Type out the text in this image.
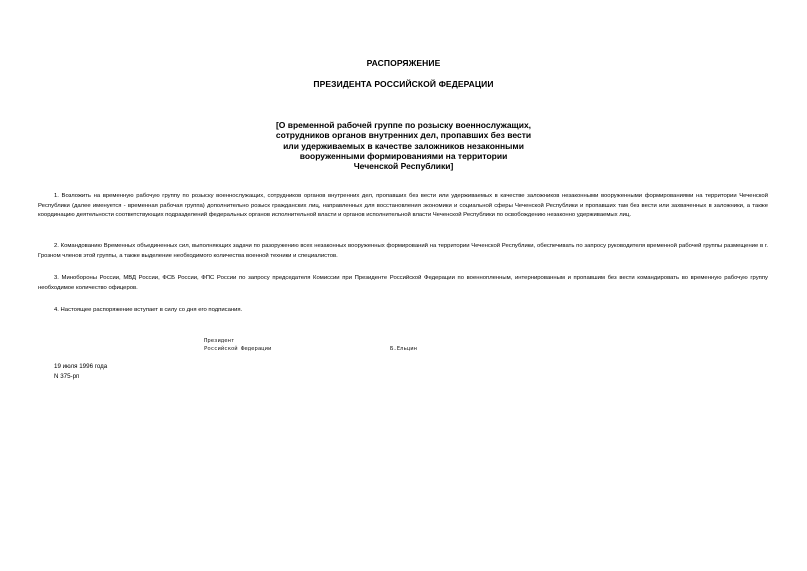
РАСПОРЯЖЕНИЕ
ПРЕЗИДЕНТА РОССИЙСКОЙ ФЕДЕРАЦИИ
[О временной рабочей группе по розыску военнослужащих,
сотрудников органов внутренних дел, пропавших без вести
или удерживаемых в качестве заложников незаконными
вооруженными формированиями на территории
Чеченской Республики]

1. Возложить на временную рабочую группу по розыску военнослужащих, сотрудников органов внутренних дел, пропавших без вести или удерживаемых в качестве заложников незаконными вооруженными формированиями на территории Чеченской Республики (далее именуется - временная рабочая группа) дополнительно розыск гражданских лиц, направленных для восстановления экономики и социальной сферы Чеченской Республики и пропавших там без вести или захваченных в заложники, а также координацию деятельности соответствующих подразделений федеральных органов исполнительной власти и органов исполнительной власти Чеченской Республики по освобождению незаконно удерживаемых лиц.

2. Командованию Временных объединенных сил, выполняющих задачи по разоружению всех незаконных вооруженных формирований на территории Чеченской Республики, обеспечивать по запросу руководителя временной рабочей группы размещение в г. Грозном членов этой группы, а также выделение необходимого количества военной техники и специалистов.

3. Минобороны России, МВД России, ФСБ России, ФПС России по запросу председателя Комиссии при Президенте Российской Федерации по военнопленным, интернированным и пропавшим без вести командировать во временную рабочую группу необходимое количество офицеров.

4. Настоящее распоряжение вступает в силу со дня его подписания.

Президент
Российской Федерации	Б.Ельцин
19 июля 1996 года
N 375-рп
